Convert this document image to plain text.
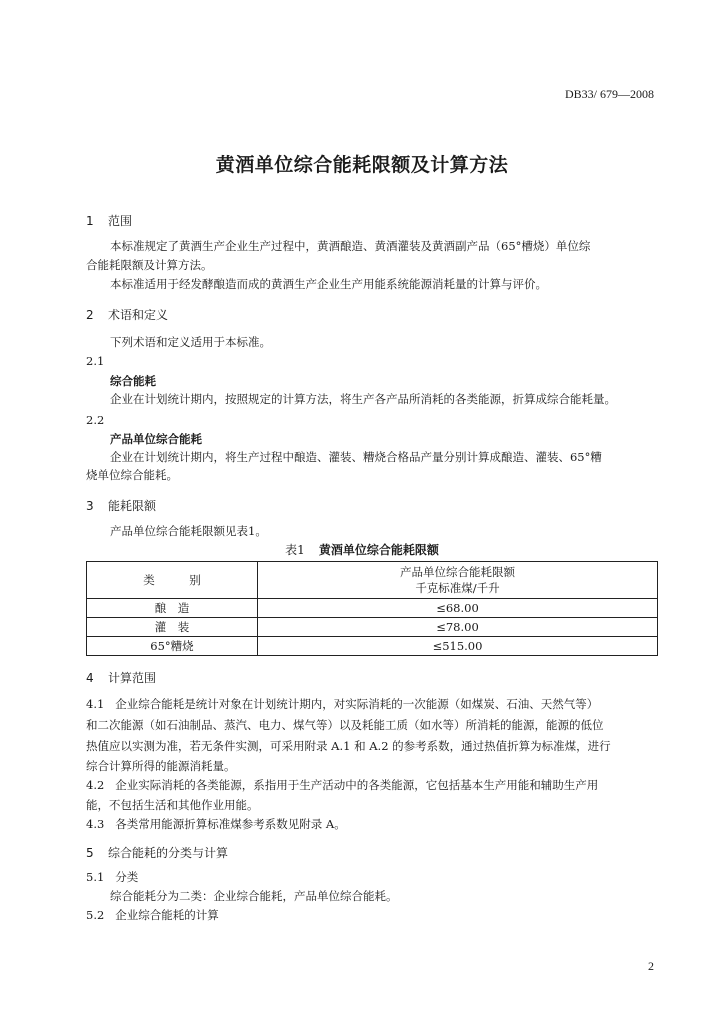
DB33/ 679—2008
黄酒单位综合能耗限额及计算方法
1 范围
本标准规定了黄酒生产企业生产过程中，黄酒酿造、黄酒灌装及黄酒副产品（65°槽烧）单位综
合能耗限额及计算方法。
本标准适用于经发酵酿造而成的黄酒生产企业生产用能系统能源消耗量的计算与评价。
2 术语和定义
下列术语和定义适用于本标准。
2.1
综合能耗
企业在计划统计期内，按照规定的计算方法，将生产各产品所消耗的各类能源，折算成综合能耗量。
2.2
产品单位综合能耗
企业在计划统计期内，将生产过程中酿造、灌装、糟烧合格品产量分别计算成酿造、灌装、65°糟
烧单位综合能耗。
3 能耗限额
产品单位综合能耗限额见表1。
表1 黄酒单位综合能耗限额
类　　　别	产品单位综合能耗限额
千克标准煤/千升

酿　造	≤68.00
灌　装	≤78.00
65°糟烧	≤515.00
4 计算范围
4.1 企业综合能耗是统计对象在计划统计期内，对实际消耗的一次能源（如煤炭、石油、天然气等）
和二次能源（如石油制品、蒸汽、电力、煤气等）以及耗能工质（如水等）所消耗的能源，能源的低位
热值应以实测为准，若无条件实测，可采用附录 A.1 和 A.2 的参考系数，通过热值折算为标准煤，进行
综合计算所得的能源消耗量。
4.2 企业实际消耗的各类能源，系指用于生产活动中的各类能源，它包括基本生产用能和辅助生产用
能，不包括生活和其他作业用能。
4.3 各类常用能源折算标准煤参考系数见附录 A。
5 综合能耗的分类与计算
5.1 分类
综合能耗分为二类：企业综合能耗，产品单位综合能耗。
5.2 企业综合能耗的计算
2
